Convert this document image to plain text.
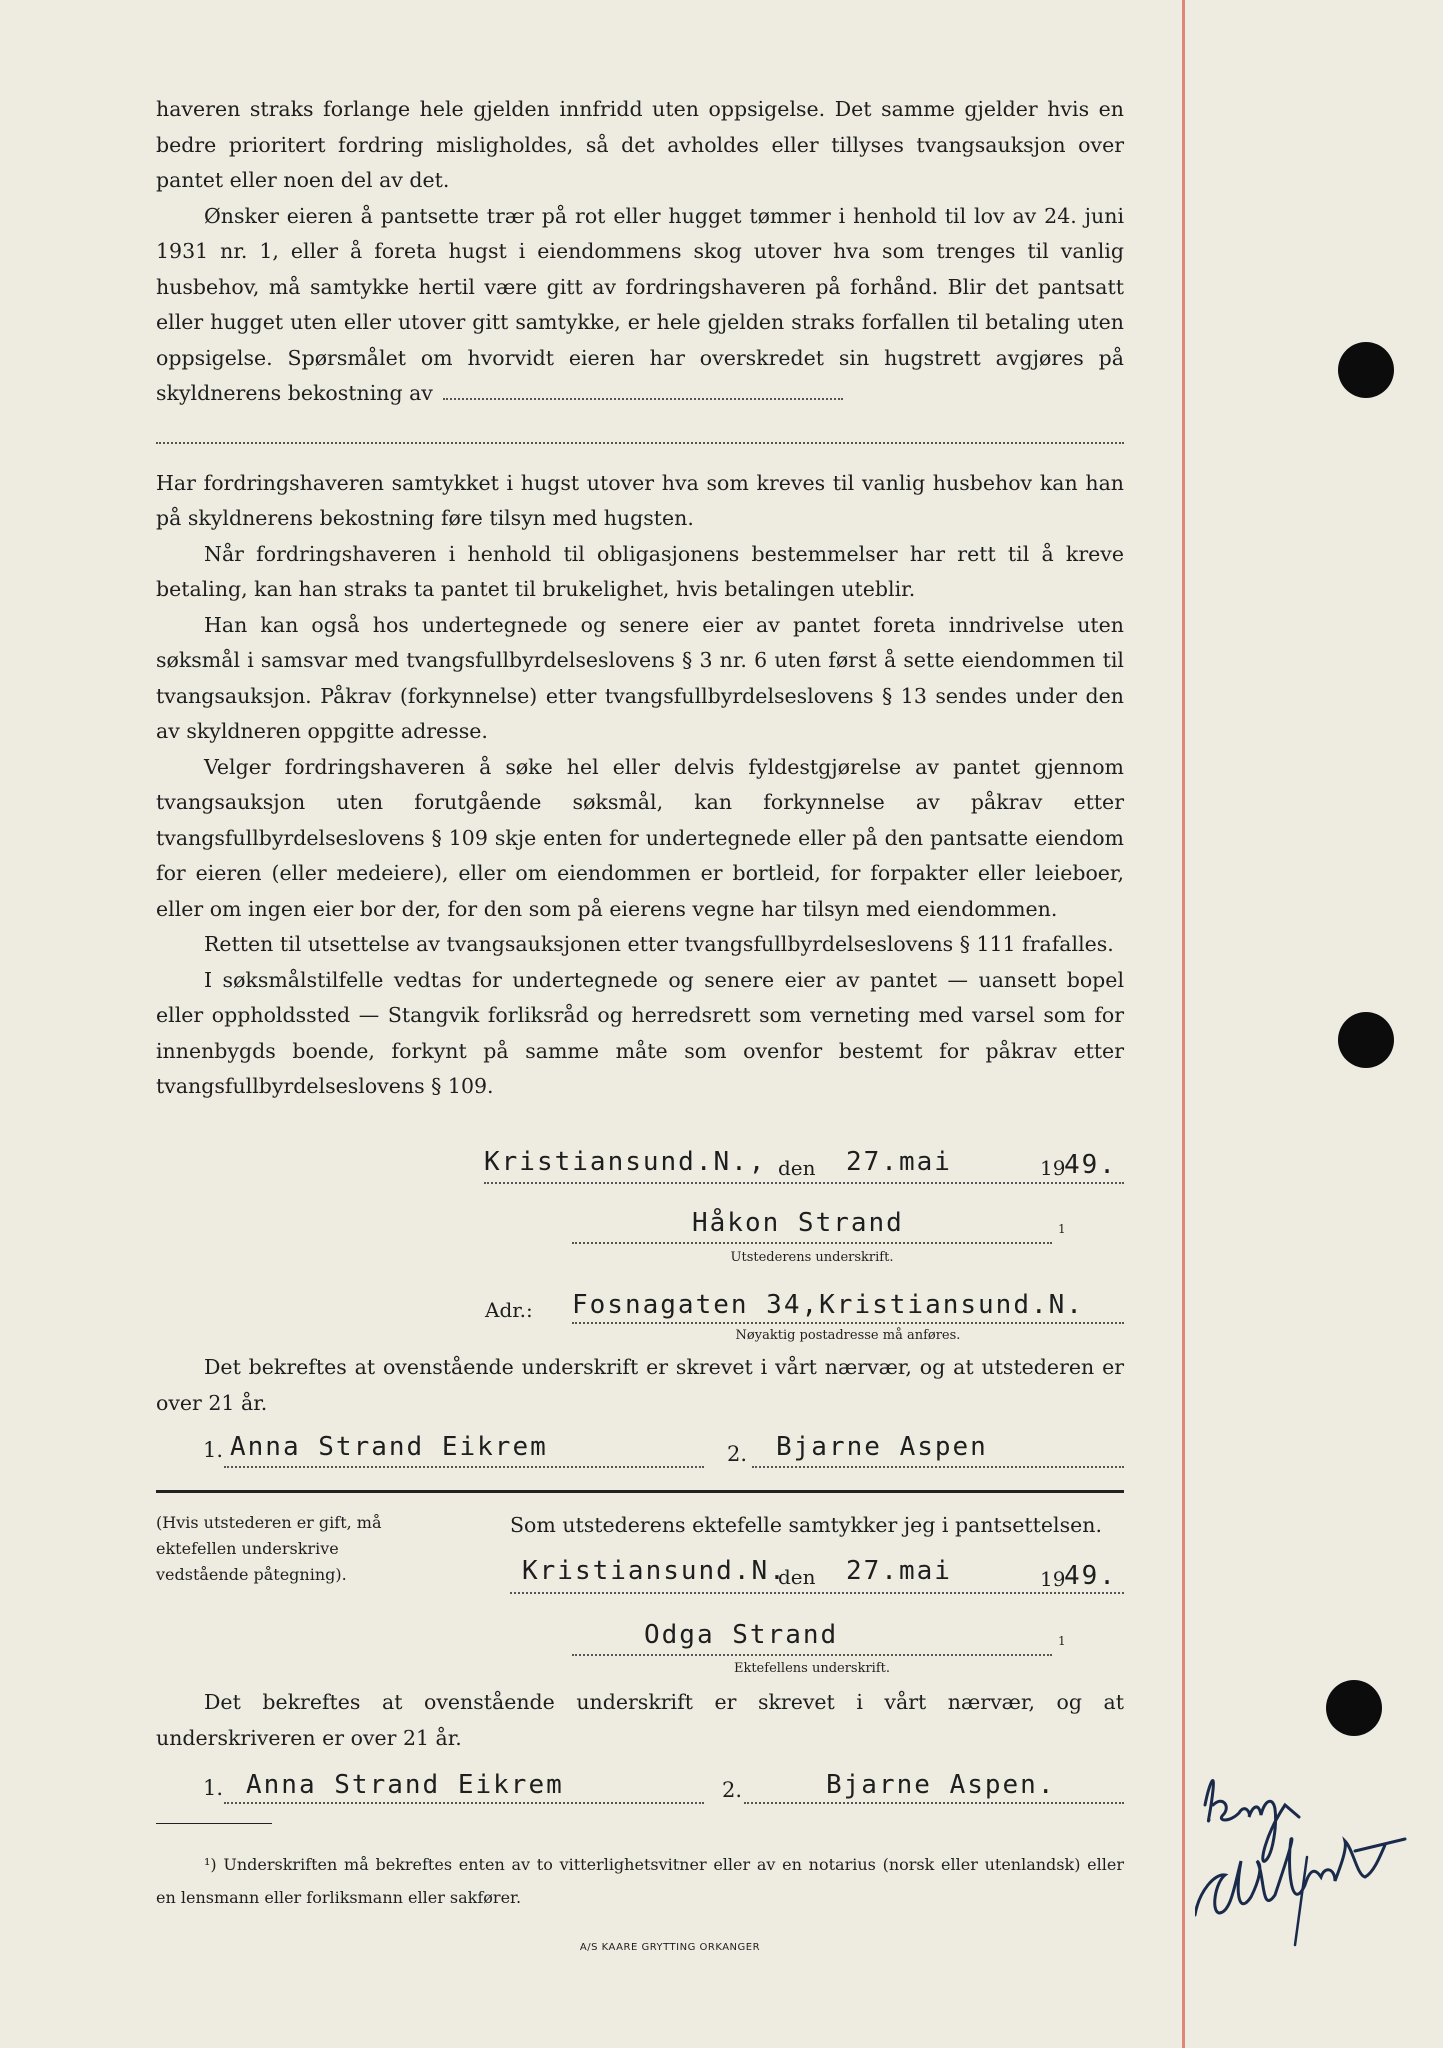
haveren straks forlange hele gjelden innfridd uten oppsigelse. Det samme gjelder hvis en bedre prioritert fordring misligholdes, så det avholdes eller tillyses tvangsauksjon over pantet eller noen del av det.

Ønsker eieren å pantsette trær på rot eller hugget tømmer i henhold til lov av 24. juni 1931 nr. 1, eller å foreta hugst i eiendommens skog utover hva som trenges til vanlig husbehov, må samtykke hertil være gitt av fordringshaveren på forhånd. Blir det pantsatt eller hugget uten eller utover gitt samtykke, er hele gjelden straks forfallen til betaling uten oppsigelse. Spørsmålet om hvorvidt eieren har overskredet sin hugstrett avgjøres på skyldnerens bekostning av

Har fordringshaveren samtykket i hugst utover hva som kreves til vanlig husbehov kan han på skyldnerens bekostning føre tilsyn med hugsten.

Når fordringshaveren i henhold til obligasjonens bestemmelser har rett til å kreve betaling, kan han straks ta pantet til brukelighet, hvis betalingen uteblir.

Han kan også hos undertegnede og senere eier av pantet foreta inndrivelse uten søksmål i samsvar med tvangsfullbyrdelseslovens § 3 nr. 6 uten først å sette eiendommen til tvangsauksjon. Påkrav (forkynnelse) etter tvangsfullbyrdelseslovens § 13 sendes under den av skyldneren oppgitte adresse.

Velger fordringshaveren å søke hel eller delvis fyldestgjørelse av pantet gjennom tvangsauksjon uten forutgående søksmål, kan forkynnelse av påkrav etter tvangsfullbyrdelseslovens § 109 skje enten for undertegnede eller på den pantsatte eiendom for eieren (eller medeiere), eller om eiendommen er bortleid, for forpakter eller leieboer, eller om ingen eier bor der, for den som på eierens vegne har tilsyn med eiendommen.

Retten til utsettelse av tvangsauksjonen etter tvangsfullbyrdelseslovens § 111 frafalles.

I søksmålstilfelle vedtas for undertegnede og senere eier av pantet — uansett bopel eller oppholdssted — Stangvik forliksråd og herredsrett som verneting med varsel som for innenbygds boende, forkynt på samme måte som ovenfor bestemt for påkrav etter tvangsfullbyrdelseslovens § 109.

Kristiansund.N., den 27.mai	19
49.
Håkon Strand	1
Utstederens underskrift.
Adr.: Fosnagaten 34,Kristiansund.N.
Nøyaktig postadresse må anføres.
Det bekreftes at ovenstående underskrift er skrevet i vårt nærvær, og at utstederen er over 21 år.
1. Anna Strand Eikrem	2. Bjarne Aspen
(Hvis utstederen er gift, må ektefellen underskrive vedstående påtegning).
Som utstederens ektefelle samtykker jeg i pantsettelsen.
Kristiansund.N.
den 27.mai	19
49.
Odga Strand	1
Ektefellens underskrift.
Det bekreftes at ovenstående underskrift er skrevet i vårt nærvær, og at underskriveren er over 21 år.
1. Anna Strand Eikrem	2.	Bjarne Aspen.
¹) Underskriften må bekreftes enten av to vitterlighetsvitner eller av en notarius (norsk eller utenlandsk) eller en lensmann eller forliksmann eller sakfører.
A/S KAARE GRYTTING ORKANGER
